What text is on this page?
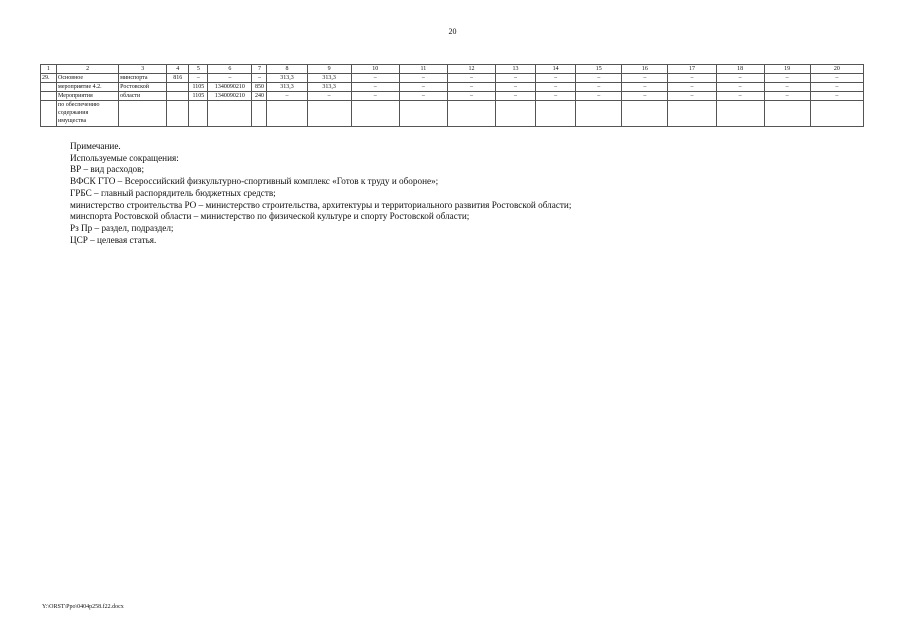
20
1	2	3	4	5	6	7	8	9	10	11	12	13	14	15	16	17	18	19	20
29.	Основное	минспорта	816	–	–	–	313,3	313,3	–	–	–	–	–	–	–	–	–	–	–
	мероприятие 4.2.	Ростовской		1105	1340090210	850	313,3	313,3	–	–	–	–	–	–	–	–	–	–	–
	Мероприятия	области		1105	1340090210	240	–	–	–	–	–	–	–	–	–	–	–	–	–
	по обеспечению содержания имущества																		
Примечание.
Используемые сокращения:
ВР – вид расходов;
ВФСК ГТО – Всероссийский физкультурно-спортивный комплекс «Готов к труду и обороне»;
ГРБС – главный распорядитель бюджетных средств;
министерство строительства РО – министерство строительства, архитектуры и территориального развития Ростовской области;
минспорта Ростовской области – министерство по физической культуре и спорту Ростовской области;
Рз Пр – раздел, подраздел;
ЦСР – целевая статья.
Y:\ORST\Ppo\0404p258.f22.docx
